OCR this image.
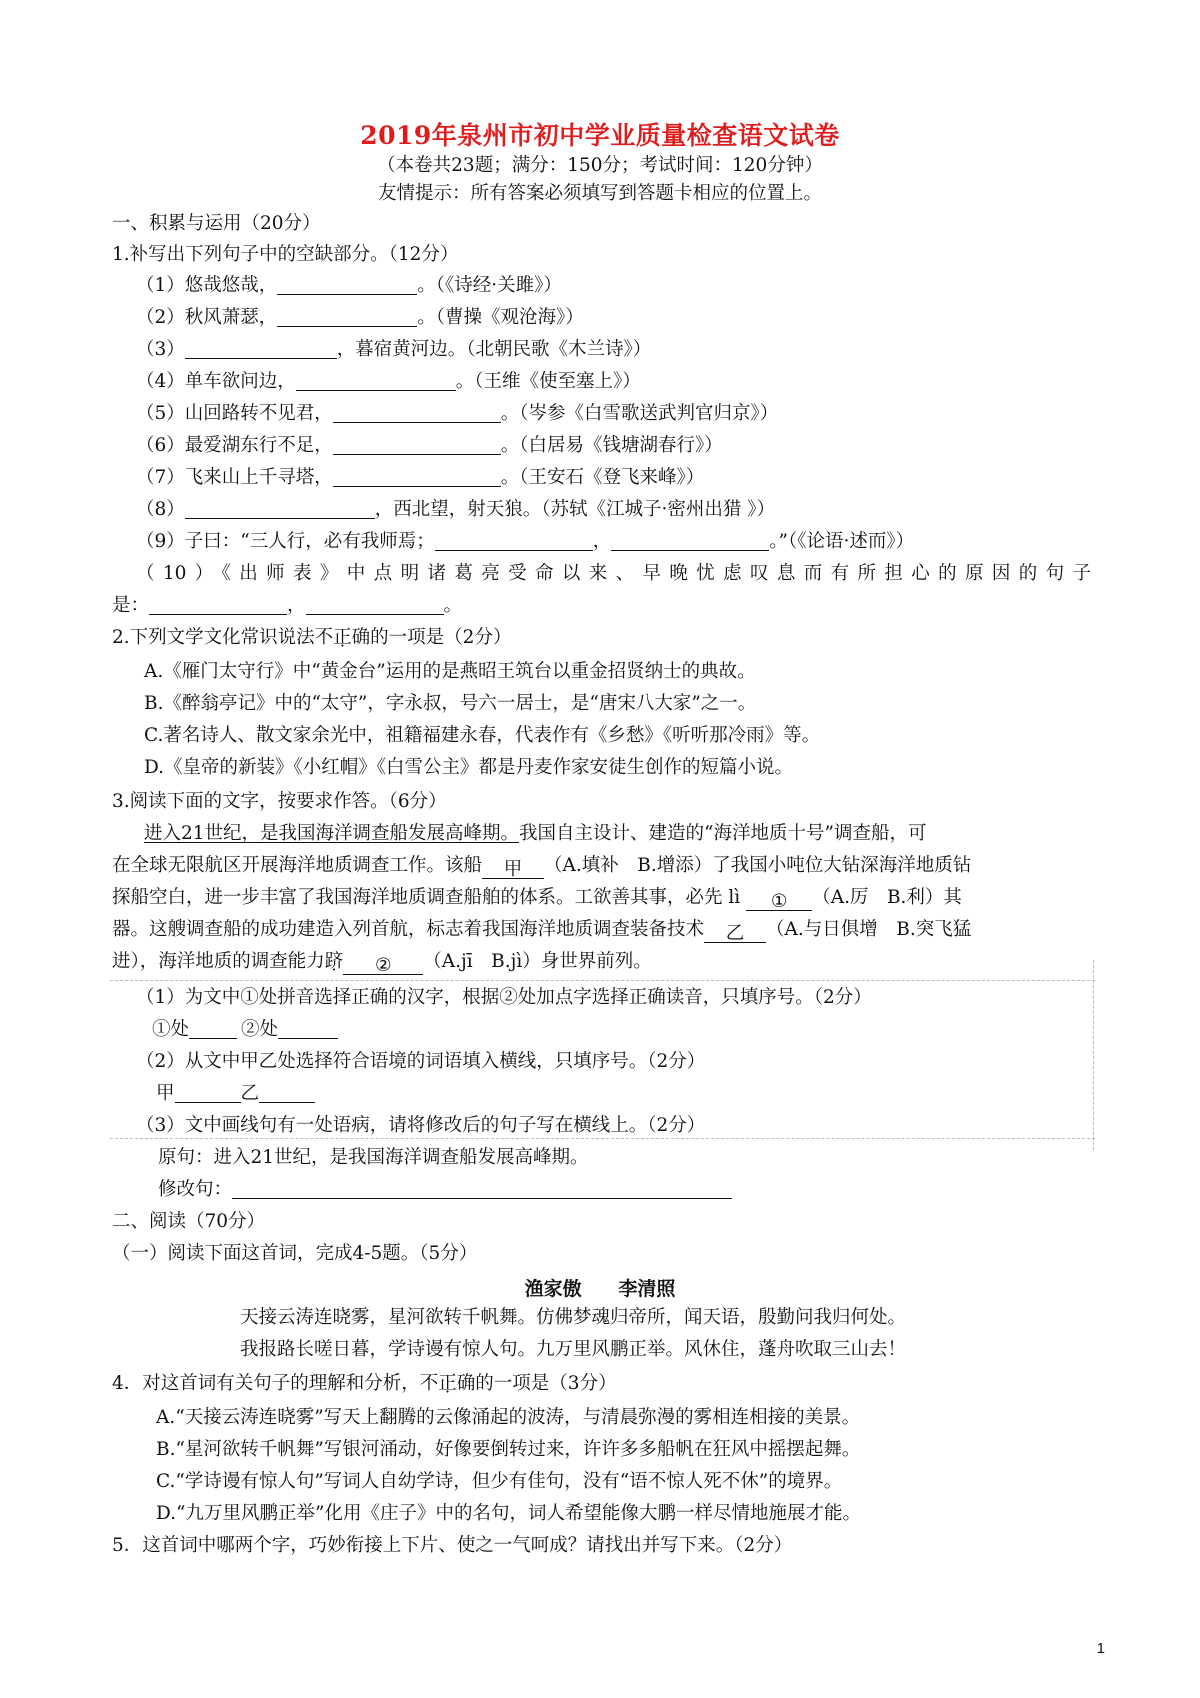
2019年泉州市初中学业质量检查语文试卷
（本卷共23题；满分：150分；考试时间：120分钟）
友情提示：所有答案必须填写到答题卡相应的位置上。
一、积累与运用（20分）
1.补写出下列句子中的空缺部分。（12分）
（1）悠哉悠哉，	。（《诗经·关雎》）
（2）秋风萧瑟，	。（曹操《观沧海》）
（3）	，暮宿黄河边。（北朝民歌《木兰诗》）
（4）单车欲问边，	。（王维《使至塞上》）
（5）山回路转不见君，	。（岑参《白雪歌送武判官归京》）
（6）最爱湖东行不足，	。（白居易《钱塘湖春行》）
（7）飞来山上千寻塔，	。（王安石《登飞来峰》）
（8）	，西北望，射天狼。（苏轼《江城子·密州出猎 》）
（9）子曰：“三人行，必有我师焉；	，	。”（《论语·述而》）
（10）《出师表》中点明诸葛亮受命以来、早晚忧虑叹息而有所担心的原因的句子
是：	，	。
2.下列文学文化常识说法不正确的一项是（2分）
A.《雁门太守行》中“黄金台”运用的是燕昭王筑台以重金招贤纳士的典故。
B.《醉翁亭记》中的“太守”，字永叔，号六一居士，是“唐宋八大家”之一。
C.著名诗人、散文家余光中，祖籍福建永春，代表作有《乡愁》《听听那冷雨》等。
D.《皇帝的新装》《小红帽》《白雪公主》都是丹麦作家安徒生创作的短篇小说。
3.阅读下面的文字，按要求作答。（6分）
进入21世纪，是我国海洋调查船发展高峰期。我国自主设计、建造的“海洋地质十号”调查船，可
在全球无限航区开展海洋地质调查工作。该船 甲 （A.填补　B.增添）了我国小吨位大钻深海洋地质钻
探船空白，进一步丰富了我国海洋地质调查船舶的体系。工欲善其事，必先 lì ① （A.厉　B.利）其
器。这艘调查船的成功建造入列首航，标志着我国海洋地质调查装备技术 乙 （A.与日俱增　B.突飞猛
进），海洋地质的调查能力跻 ② （A.jī　B.jì）身世界前列。
（1）为文中①处拼音选择正确的汉字，根据②处加点字选择正确读音，只填序号。（2分）
①处	②处
（2）从文中甲乙处选择符合语境的词语填入横线，只填序号。（2分）
甲	乙
（3）文中画线句有一处语病，请将修改后的句子写在横线上。（2分）
原句：进入21世纪，是我国海洋调查船发展高峰期。
修改句：
二、阅读（70分）
（一）阅读下面这首词，完成4-5题。（5分）
渔家傲 李清照
天接云涛连晓雾，星河欲转千帆舞。仿佛梦魂归帝所，闻天语，殷勤问我归何处。
我报路长嗟日暮，学诗谩有惊人句。九万里风鹏正举。风休住，蓬舟吹取三山去！
4．对这首词有关句子的理解和分析，不正确的一项是（3分）
A.“天接云涛连晓雾”写天上翻腾的云像涌起的波涛，与清晨弥漫的雾相连相接的美景。
B.“星河欲转千帆舞”写银河涌动，好像要倒转过来，许许多多船帆在狂风中摇摆起舞。
C.“学诗谩有惊人句”写词人自幼学诗，但少有佳句，没有“语不惊人死不休”的境界。
D.“九万里风鹏正举”化用《庄子》中的名句，词人希望能像大鹏一样尽情地施展才能。
5．这首词中哪两个字，巧妙衔接上下片、使之一气呵成？请找出并写下来。（2分）
1
